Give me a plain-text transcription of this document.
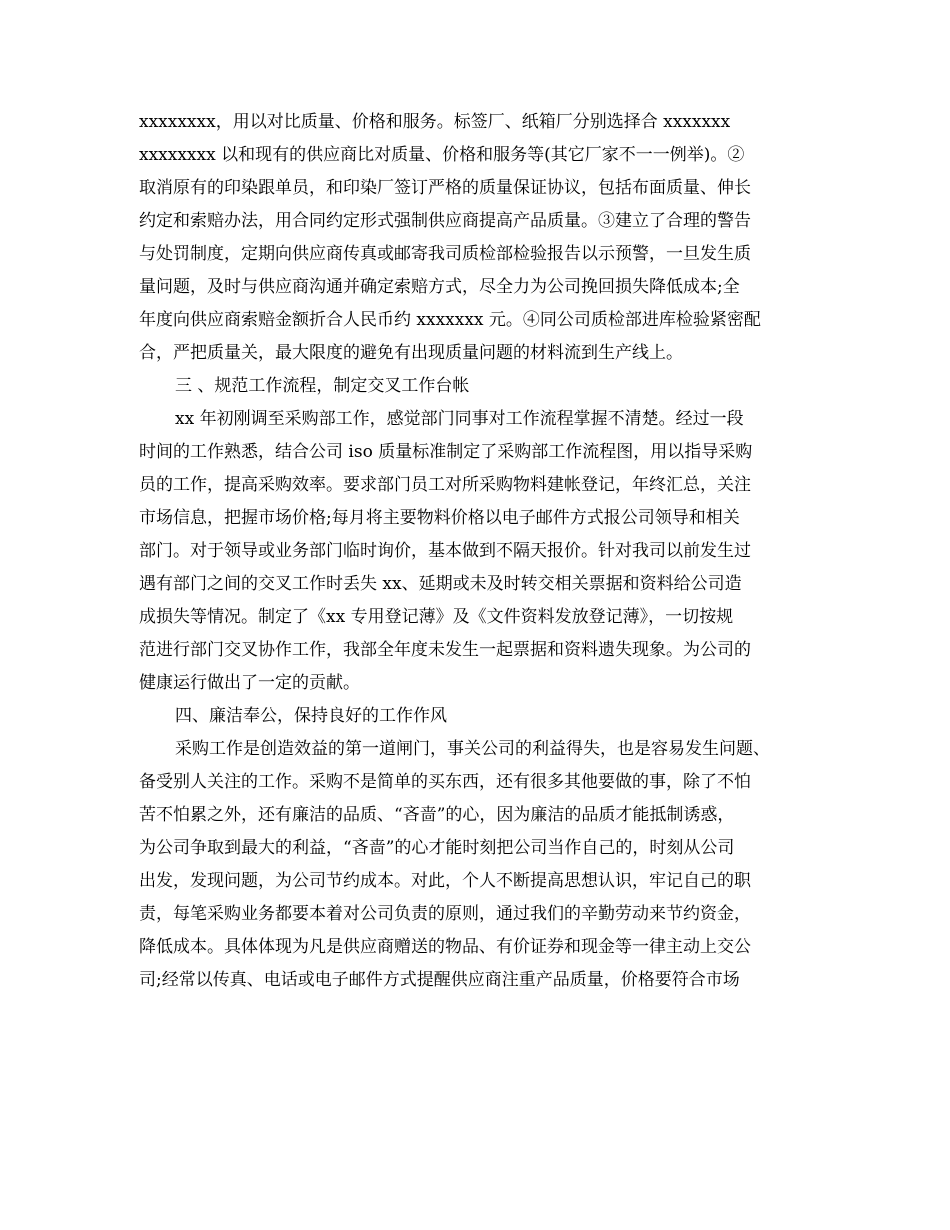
xxxxxxxx，用以对比质量、价格和服务。标签厂、纸箱厂分别选择合 xxxxxxx
xxxxxxxx 以和现有的供应商比对质量、价格和服务等(其它厂家不一一例举)。②
取消原有的印染跟单员，和印染厂签订严格的质量保证协议，包括布面质量、伸长
约定和索赔办法，用合同约定形式强制供应商提高产品质量。③建立了合理的警告
与处罚制度，定期向供应商传真或邮寄我司质检部检验报告以示预警，一旦发生质
量问题，及时与供应商沟通并确定索赔方式，尽全力为公司挽回损失降低成本;全
年度向供应商索赔金额折合人民币约 xxxxxxx 元。④同公司质检部进库检验紧密配
合，严把质量关，最大限度的避免有出现质量问题的材料流到生产线上。

三 、规范工作流程，制定交叉工作台帐

xx 年初刚调至采购部工作，感觉部门同事对工作流程掌握不清楚。经过一段
时间的工作熟悉，结合公司 iso 质量标准制定了采购部工作流程图，用以指导采购
员的工作，提高采购效率。要求部门员工对所采购物料建帐登记，年终汇总，关注
市场信息，把握市场价格;每月将主要物料价格以电子邮件方式报公司领导和相关
部门。对于领导或业务部门临时询价，基本做到不隔天报价。针对我司以前发生过
遇有部门之间的交叉工作时丢失 xx、延期或未及时转交相关票据和资料给公司造
成损失等情况。制定了《xx 专用登记薄》及《文件资料发放登记薄》，一切按规
范进行部门交叉协作工作，我部全年度未发生一起票据和资料遗失现象。为公司的
健康运行做出了一定的贡献。

四、廉洁奉公，保持良好的工作作风

采购工作是创造效益的第一道闸门，事关公司的利益得失，也是容易发生问题、
备受别人关注的工作。采购不是简单的买东西，还有很多其他要做的事，除了不怕
苦不怕累之外，还有廉洁的品质、“吝啬”的心，因为廉洁的品质才能抵制诱惑，
为公司争取到最大的利益，“吝啬”的心才能时刻把公司当作自己的，时刻从公司
出发，发现问题，为公司节约成本。对此，个人不断提高思想认识，牢记自己的职
责，每笔采购业务都要本着对公司负责的原则，通过我们的辛勤劳动来节约资金，
降低成本。具体体现为凡是供应商赠送的物品、有价证券和现金等一律主动上交公
司;经常以传真、电话或电子邮件方式提醒供应商注重产品质量，价格要符合市场
